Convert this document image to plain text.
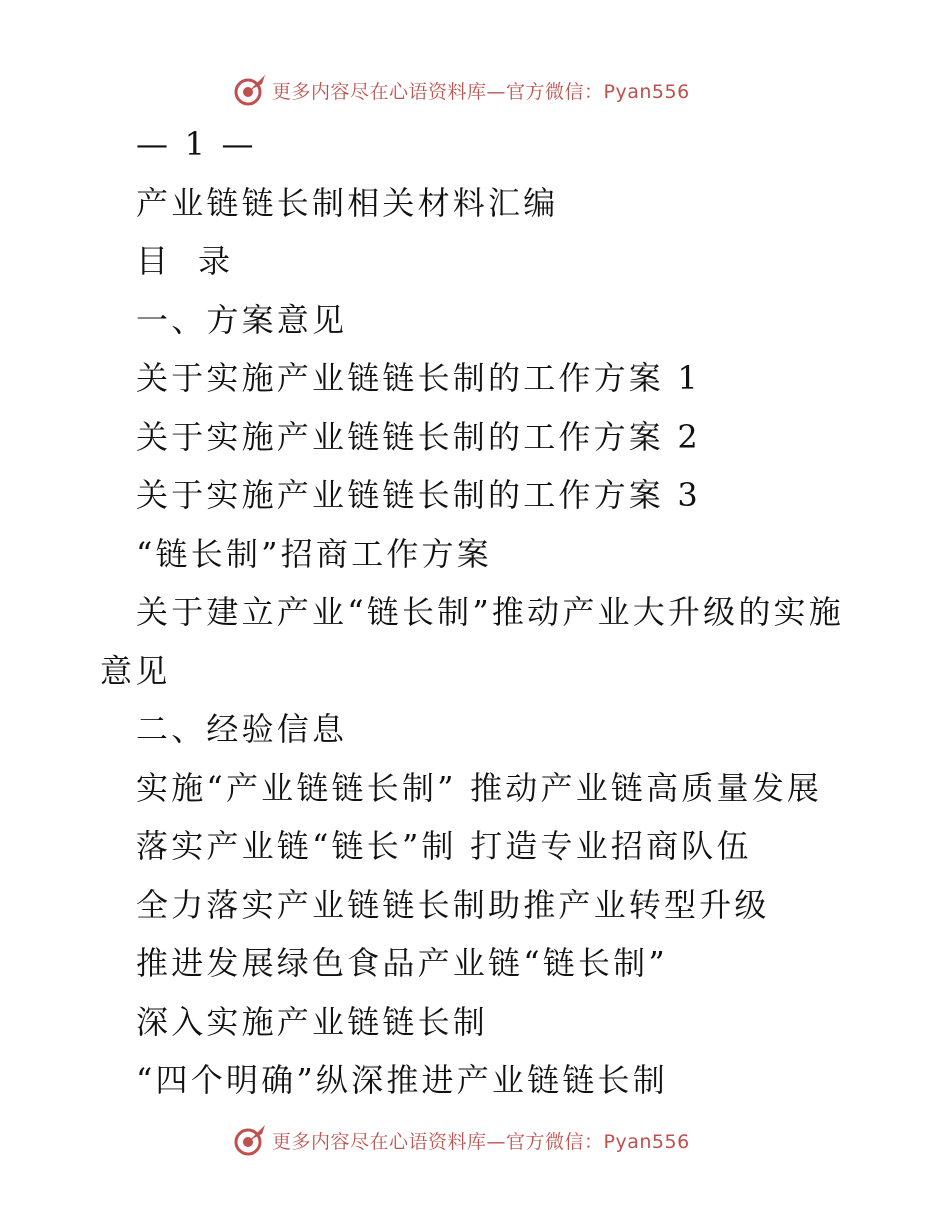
更多内容尽在心语资料库—官方微信：Pyan556

— 1 —

产业链链长制相关材料汇编

目  录

一、方案意见

关于实施产业链链长制的工作方案 1

关于实施产业链链长制的工作方案 2

关于实施产业链链长制的工作方案 3

“链长制”招商工作方案

关于建立产业“链长制”推动产业大升级的实施意见

二、经验信息

实施“产业链链长制” 推动产业链高质量发展

落实产业链“链长”制 打造专业招商队伍

全力落实产业链链长制助推产业转型升级

推进发展绿色食品产业链“链长制”

深入实施产业链链长制

“四个明确”纵深推进产业链链长制

更多内容尽在心语资料库—官方微信：Pyan556
